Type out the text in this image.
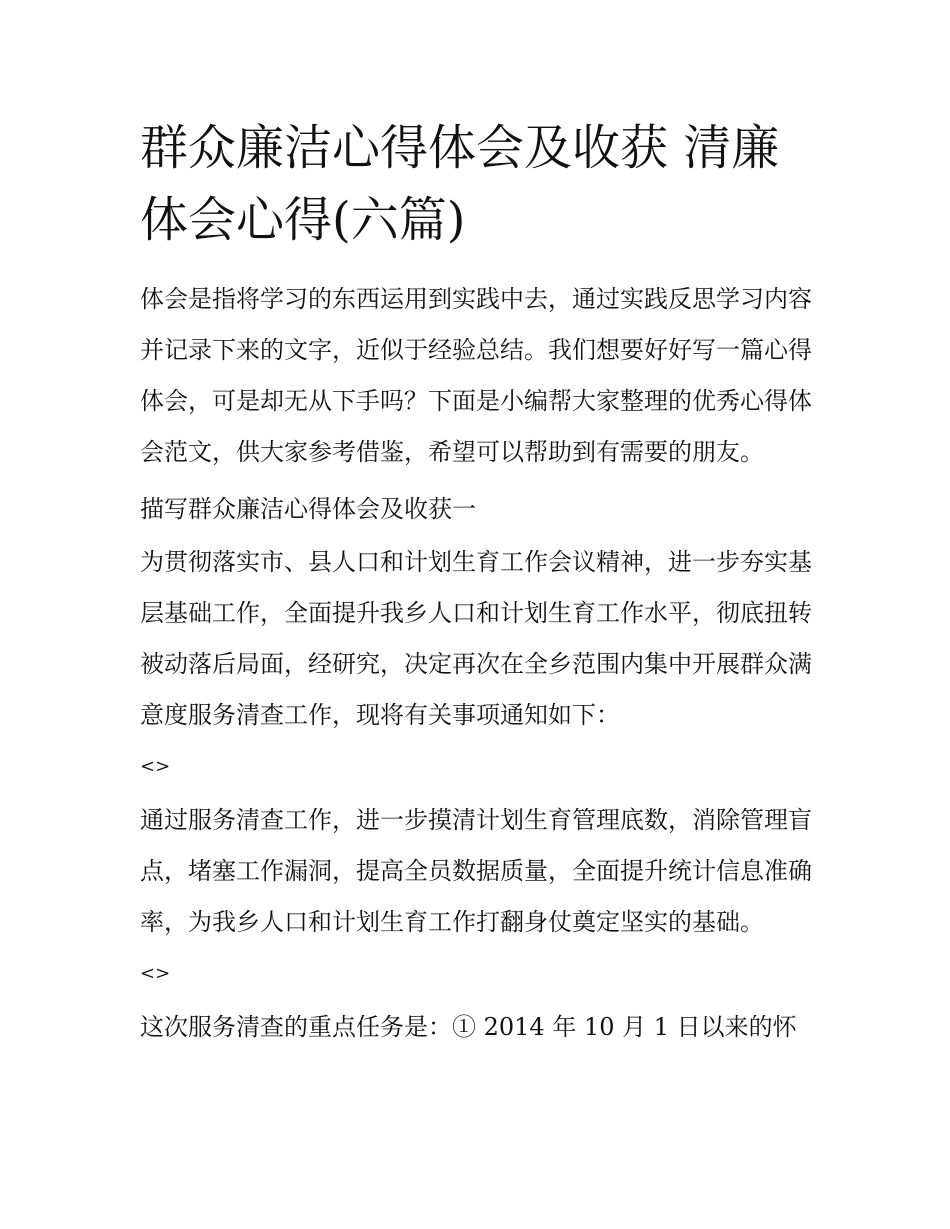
群众廉洁心得体会及收获 清廉体会心得(六篇)

体会是指将学习的东西运用到实践中去，通过实践反思学习内容并记录下来的文字，近似于经验总结。我们想要好好写一篇心得体会，可是却无从下手吗？下面是小编帮大家整理的优秀心得体会范文，供大家参考借鉴，希望可以帮助到有需要的朋友。

描写群众廉洁心得体会及收获一

为贯彻落实市、县人口和计划生育工作会议精神，进一步夯实基层基础工作，全面提升我乡人口和计划生育工作水平，彻底扭转被动落后局面，经研究，决定再次在全乡范围内集中开展群众满意度服务清查工作，现将有关事项通知如下：

<>

通过服务清查工作，进一步摸清计划生育管理底数，消除管理盲点，堵塞工作漏洞，提高全员数据质量，全面提升统计信息准确率，为我乡人口和计划生育工作打翻身仗奠定坚实的基础。

<>

这次服务清查的重点任务是：① 2014 年 10 月 1 日以来的怀
